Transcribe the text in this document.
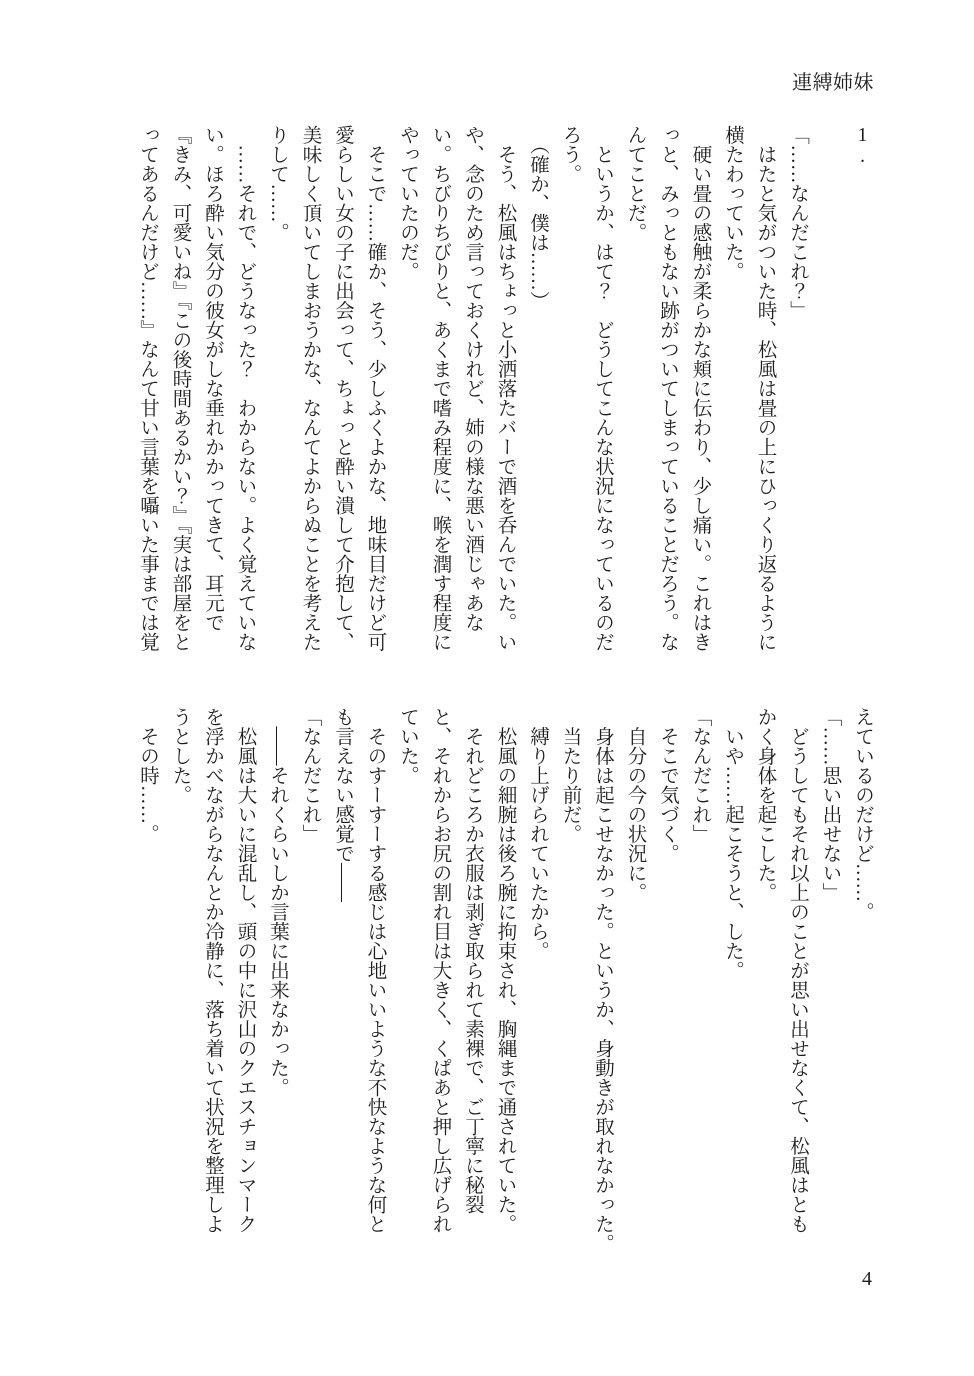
連縛姉妹
1.
「……なんだこれ？」
　はたと気がついた時、松風は畳の上にひっくり返るように
横たわっていた。
　硬い畳の感触が柔らかな頬に伝わり、少し痛い。これはき
っと、みっともない跡がついてしまっていることだろう。な
んてことだ。
　というか、はて？　どうしてこんな状況になっているのだ
ろう。
　（確か、僕は……）
　そう、松風はちょっと小洒落たバーで酒を呑んでいた。い
や、念のため言っておくけれど、姉の様な悪い酒じゃあな
い。ちびりちびりと、あくまで嗜み程度に、喉を潤す程度に
やっていたのだ。
　そこで……確か、そう、少しふくよかな、地味目だけど可
愛らしい女の子に出会って、ちょっと酔い潰して介抱して、
美味しく頂いてしまおうかな、なんてよからぬことを考えた
りして……。
　……それで、どうなった？　わからない。よく覚えていな
い。ほろ酔い気分の彼女がしな垂れかかってきて、耳元で
『きみ、可愛いね』『この後時間あるかい？』『実は部屋をと
ってあるんだけど……』なんて甘い言葉を囁いた事までは覚
えているのだけど……。
「……思い出せない」
　どうしてもそれ以上のことが思い出せなくて、松風はとも
かく身体を起こした。
　いや……起こそうと、した。
「なんだこれ」
　そこで気づく。
　自分の今の状況に。
　身体は起こせなかった。というか、身動きが取れなかった。
　当たり前だ。
　縛り上げられていたから。
　松風の細腕は後ろ腕に拘束され、胸縄まで通されていた。
　それどころか衣服は剥ぎ取られて素裸で、ご丁寧に秘裂
と、それからお尻の割れ目は大きく、くぱあと押し広げられ
ていた。
　そのすーすーする感じは心地いいような不快なような何と
も言えない感覚で――
「なんだこれ」
　――それくらいしか言葉に出来なかった。
　松風は大いに混乱し、頭の中に沢山のクエスチョンマーク
を浮かべながらなんとか冷静に、落ち着いて状況を整理しよ
うとした。
　その時……。
4
